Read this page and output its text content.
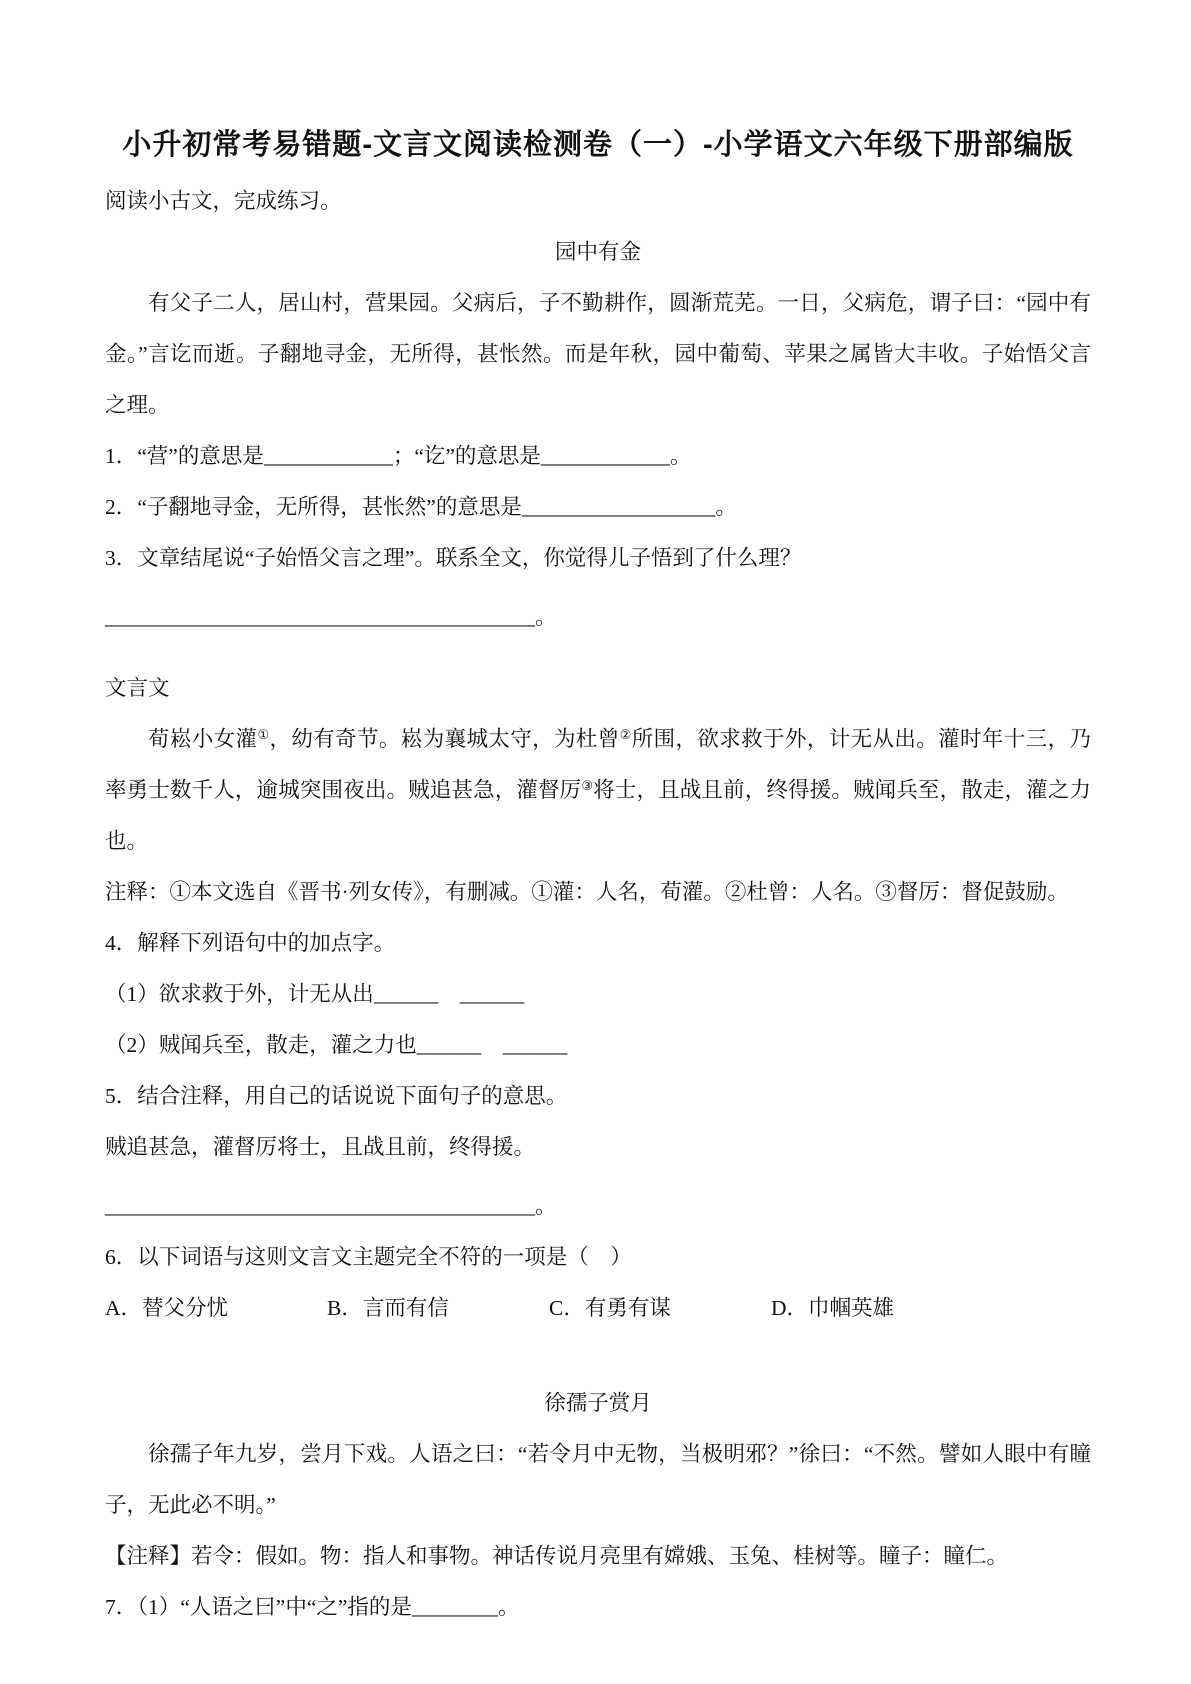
小升初常考易错题-文言文阅读检测卷（一）-小学语文六年级下册部编版

阅读小古文，完成练习。

园中有金

有父子二人，居山村，营果园。父病后，子不勤耕作，圆渐荒芜。一日，父病危，谓子曰：“园中有金。”言讫而逝。子翻地寻金，无所得，甚怅然。而是年秋，园中葡萄、苹果之属皆大丰收。子始悟父言之理。

1．“营”的意思是____________；“讫”的意思是____________。

2．“子翻地寻金，无所得，甚怅然”的意思是__________________。

3．文章结尾说“子始悟父言之理”。联系全文，你觉得儿子悟到了什么理？

________________________________________。

文言文

荀崧小女灌①，幼有奇节。崧为襄城太守，为杜曾②所围，欲求救于外，计无从出。灌时年十三，乃率勇士数千人，逾城突围夜出。贼追甚急，灌督厉③将士，且战且前，终得援。贼闻兵至，散走，灌之力也。

注释：①本文选自《晋书·列女传》，有删减。①灌：人名，荀灌。②杜曾：人名。③督厉：督促鼓励。

4．解释下列语句中的加点字。

（1）欲求救于外，计无从出______　______

（2）贼闻兵至，散走，灌之力也______　______

5．结合注释，用自己的话说说下面句子的意思。

贼追甚急，灌督厉将士，且战且前，终得援。

________________________________________。

6．以下词语与这则文言文主题完全不符的一项是（　）

A．替父分忧	B．言而有信	C．有勇有谋	D．巾帼英雄

徐孺子赏月

徐孺子年九岁，尝月下戏。人语之曰：“若令月中无物，当极明邪？”徐曰：“不然。譬如人眼中有瞳子，无此必不明。”

【注释】若令：假如。物：指人和事物。神话传说月亮里有嫦娥、玉兔、桂树等。瞳子：瞳仁。

7．（1）“人语之曰”中“之”指的是________。
